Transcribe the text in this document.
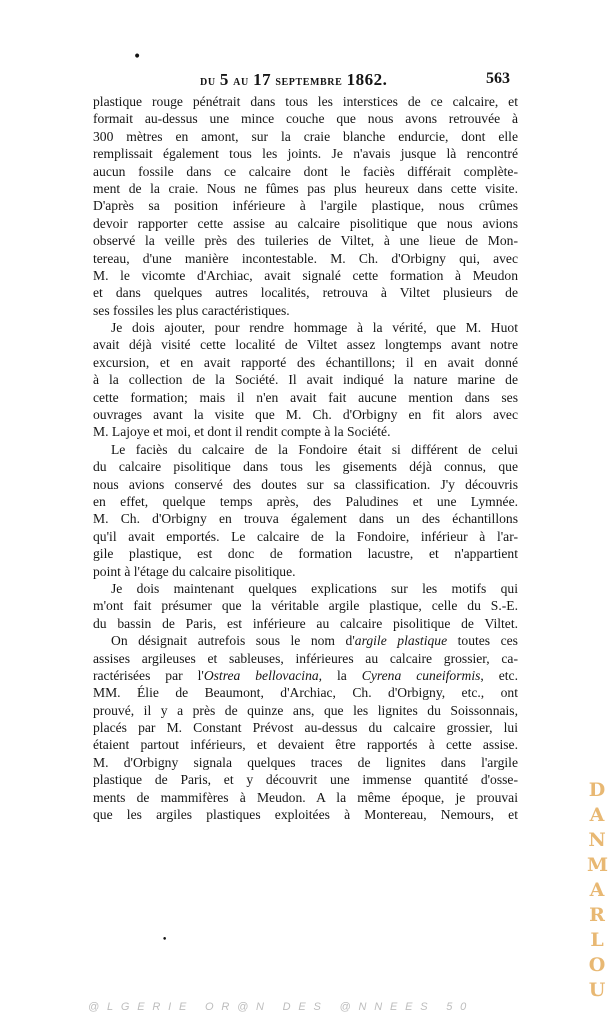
•
•
DU 5 AU 17 SEPTEMBRE 1862.	563
plastique rouge pénétrait dans tous les interstices de ce calcaire, et
formait au-dessus une mince couche que nous avons retrouvée à
300 mètres en amont, sur la craie blanche endurcie, dont elle
remplissait également tous les joints. Je n'avais jusque là rencontré
aucun fossile dans ce calcaire dont le faciès différait complète-
ment de la craie. Nous ne fûmes pas plus heureux dans cette visite.
D'après sa position inférieure à l'argile plastique, nous crûmes
devoir rapporter cette assise au calcaire pisolitique que nous avions
observé la veille près des tuileries de Viltet, à une lieue de Mon-
tereau, d'une manière incontestable. M. Ch. d'Orbigny qui, avec
M. le vicomte d'Archiac, avait signalé cette formation à Meudon
et dans quelques autres localités, retrouva à Viltet plusieurs de
ses fossiles les plus caractéristiques.
Je dois ajouter, pour rendre hommage à la vérité, que M. Huot
avait déjà visité cette localité de Viltet assez longtemps avant notre
excursion, et en avait rapporté des échantillons; il en avait donné
à la collection de la Société. Il avait indiqué la nature marine de
cette formation; mais il n'en avait fait aucune mention dans ses
ouvrages avant la visite que M. Ch. d'Orbigny en fit alors avec
M. Lajoye et moi, et dont il rendit compte à la Société.
Le faciès du calcaire de la Fondoire était si différent de celui
du calcaire pisolitique dans tous les gisements déjà connus, que
nous avions conservé des doutes sur sa classification. J'y découvris
en effet, quelque temps après, des Paludines et une Lymnée.
M. Ch. d'Orbigny en trouva également dans un des échantillons
qu'il avait emportés. Le calcaire de la Fondoire, inférieur à l'ar-
gile plastique, est donc de formation lacustre, et n'appartient
point à l'étage du calcaire pisolitique.
Je dois maintenant quelques explications sur les motifs qui
m'ont fait présumer que la véritable argile plastique, celle du S.-E.
du bassin de Paris, est inférieure au calcaire pisolitique de Viltet.
On désignait autrefois sous le nom d'argile plastique toutes ces
assises argileuses et sableuses, inférieures au calcaire grossier, ca-
ractérisées par l'Ostrea bellovacina, la Cyrena cuneiformis, etc.
MM. Élie de Beaumont, d'Archiac, Ch. d'Orbigny, etc., ont
prouvé, il y a près de quinze ans, que les lignites du Soissonnais,
placés par M. Constant Prévost au-dessus du calcaire grossier, lui
étaient partout inférieurs, et devaient être rapportés à cette assise.
M. d'Orbigny signala quelques traces de lignites dans l'argile
plastique de Paris, et y découvrit une immense quantité d'osse-
ments de mammifères à Meudon. A la même époque, je prouvai
que les argiles plastiques exploitées à Montereau, Nemours, et
D
A
N
M
A
R
L
O
U
@LGERIE OR@N DES @NNEES 50
